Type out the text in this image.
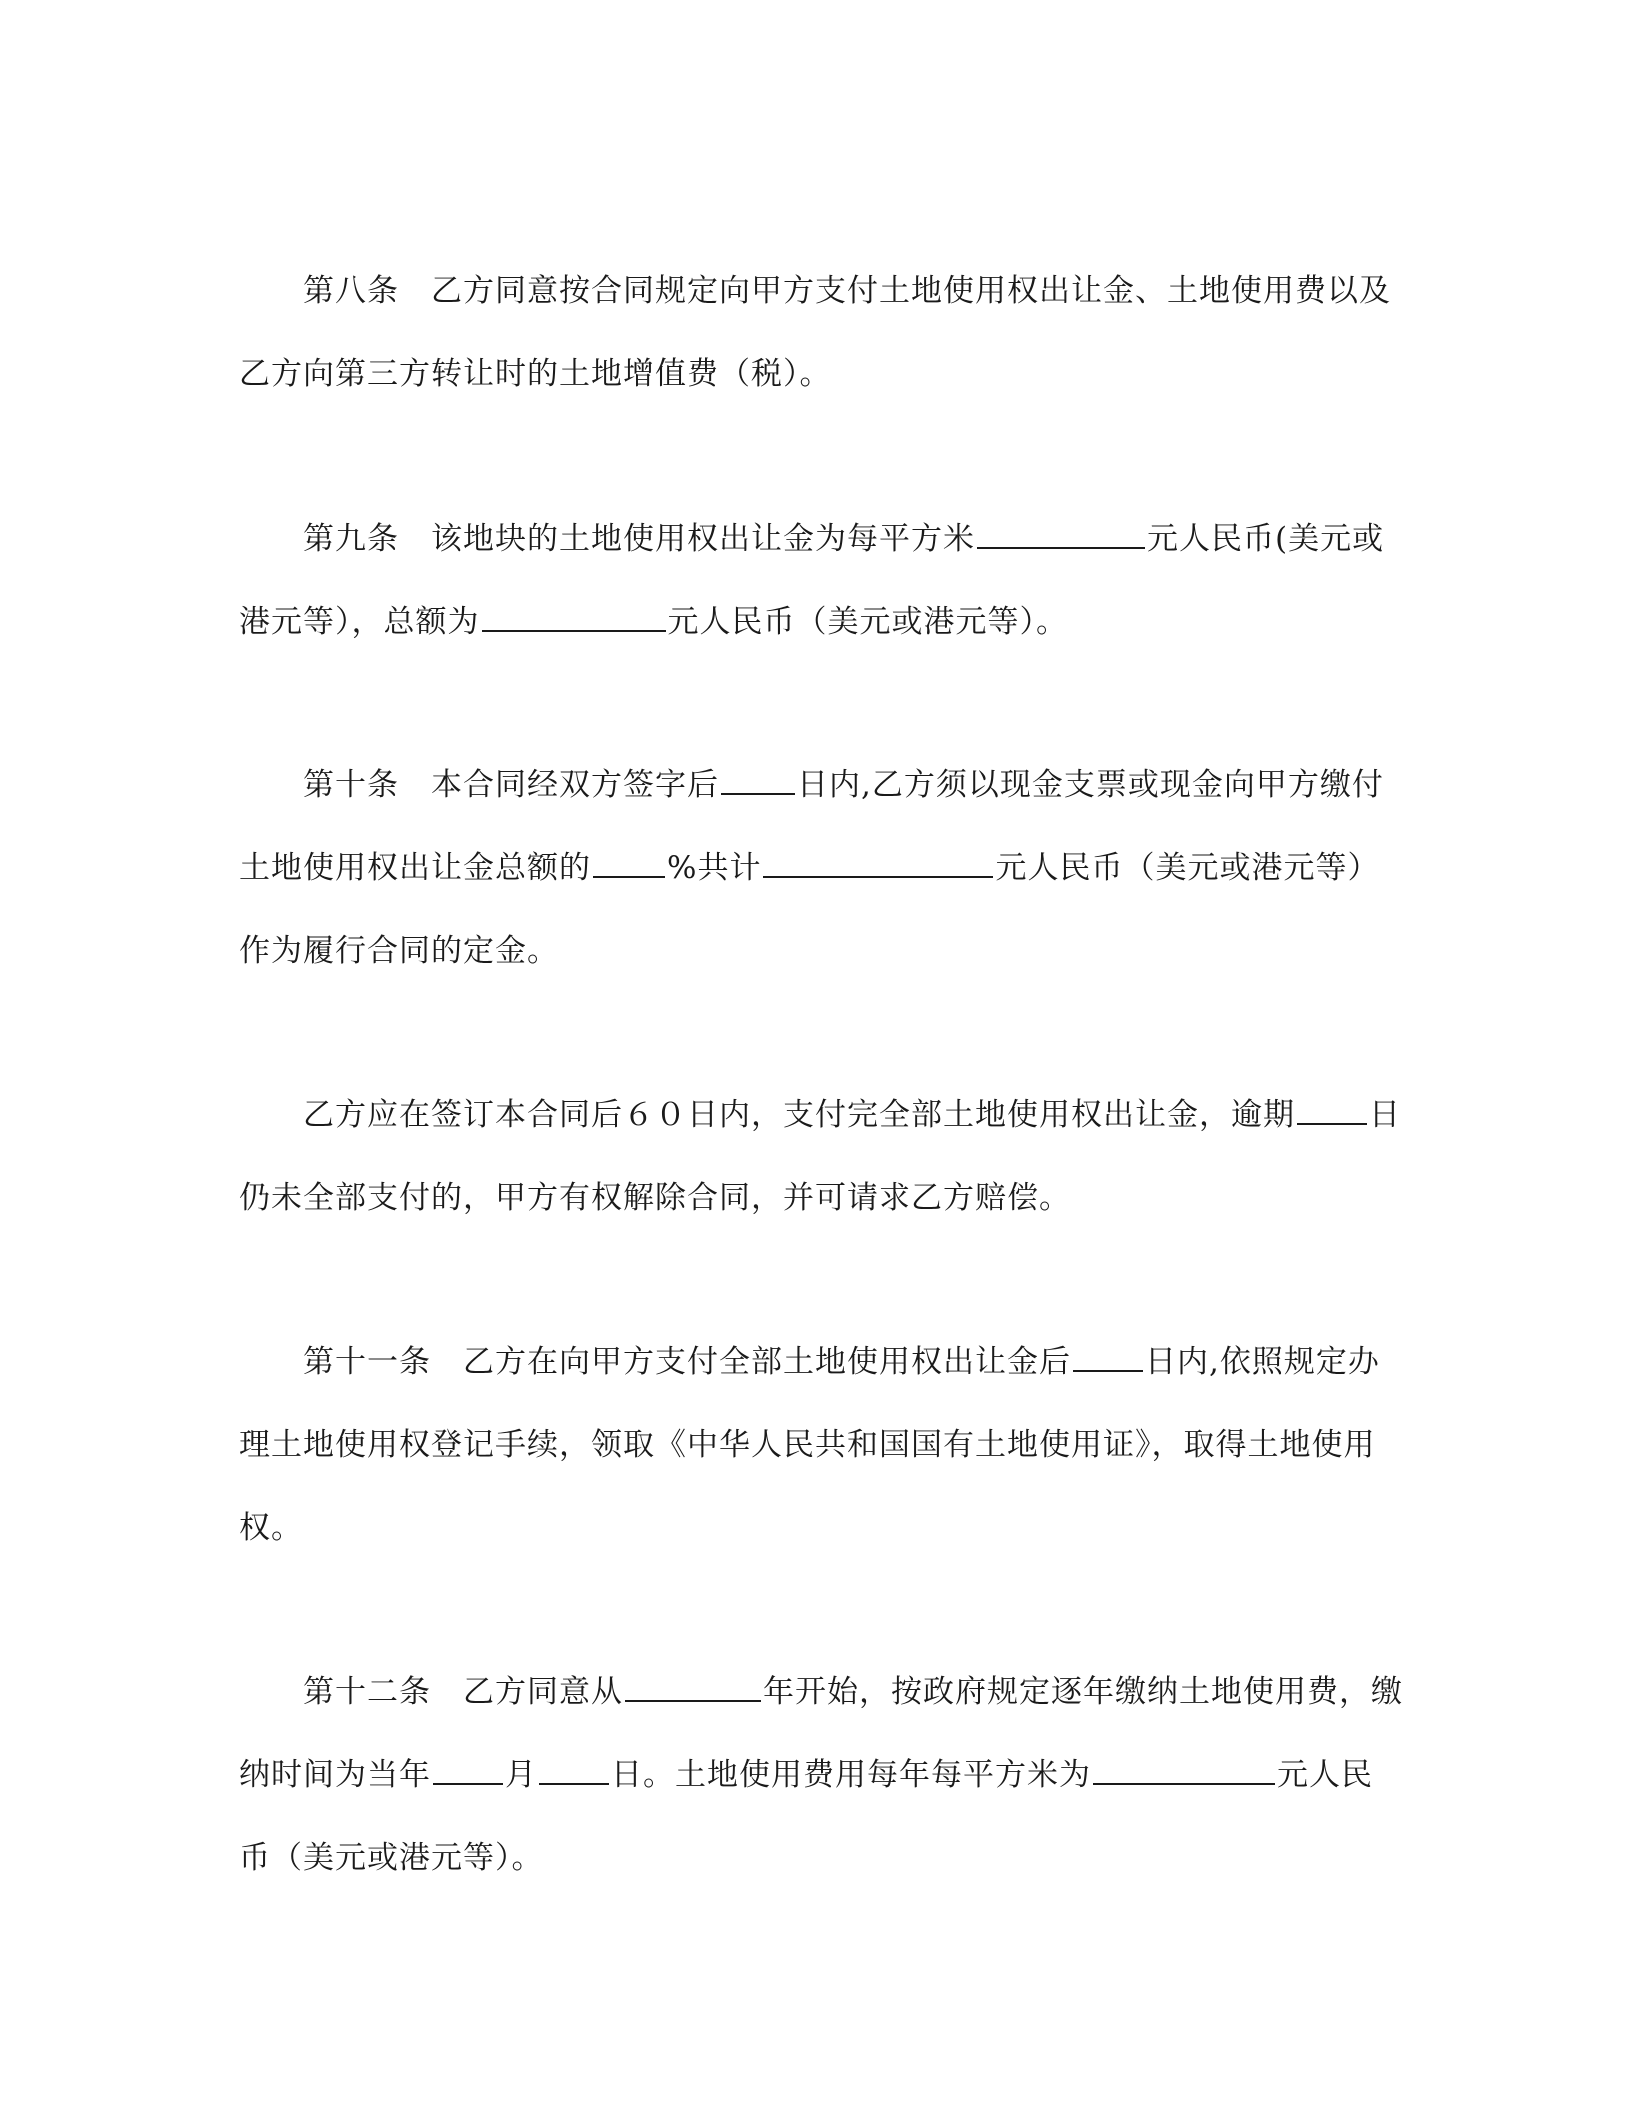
第八条 乙方同意按合同规定向甲方支付土地使用权出让金、土地使用费以及
乙方向第三方转让时的土地增值费（税）。
第九条 该地块的土地使用权出让金为每平方米	元人民币(美元或
港元等），总额为	元人民币（美元或港元等）。
第十条 本合同经双方签字后	日内,乙方须以现金支票或现金向甲方缴付
土地使用权出让金总额的 %共计	元人民币（美元或港元等）
作为履行合同的定金。
乙方应在签订本合同后６０日内，支付完全部土地使用权出让金，逾期 日
仍未全部支付的，甲方有权解除合同，并可请求乙方赔偿。
第十一条 乙方在向甲方支付全部土地使用权出让金后 日内,依照规定办
理土地使用权登记手续，领取《中华人民共和国国有土地使用证》，取得土地使用
权。
第十二条 乙方同意从	年开始，按政府规定逐年缴纳土地使用费，缴
纳时间为当年 月 日。土地使用费用每年每平方米为	元人民
币（美元或港元等）。
